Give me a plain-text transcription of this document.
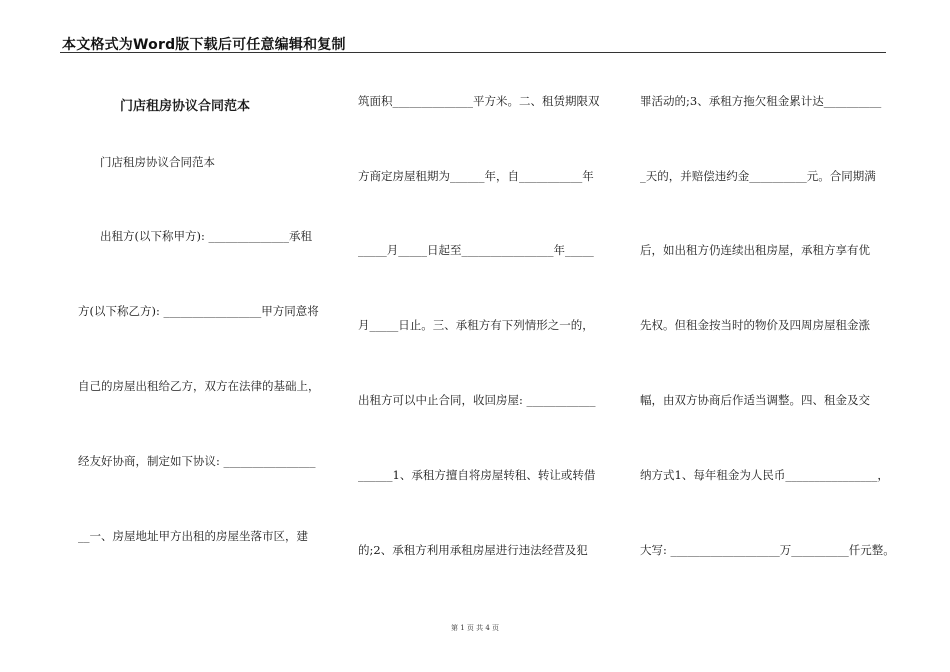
本文格式为Word版下载后可任意编辑和复制
门店租房协议合同范本
门店租房协议合同范本
出租方(以下称甲方): ______________承租
方(以下称乙方): _________________甲方同意将
自己的房屋出租给乙方，双方在法律的基础上，
经友好协商，制定如下协议: ________________
__一、房屋地址甲方出租的房屋坐落市区，建
筑面积______________平方米。二、租赁期限双
方商定房屋租期为______年，自___________年
_____月_____日起至________________年_____
月_____日止。三、承租方有下列情形之一的，
出租方可以中止合同，收回房屋: ____________
______1、承租方擅自将房屋转租、转让或转借
的;2、承租方利用承租房屋进行违法经营及犯
罪活动的;3、承租方拖欠租金累计达__________
_天的，并赔偿违约金__________元。合同期满
后，如出租方仍连续出租房屋，承租方享有优
先权。但租金按当时的物价及四周房屋租金涨
幅，由双方协商后作适当调整。四、租金及交
纳方式1、每年租金为人民币________________，
大写: ___________________万__________仟元整。
第 1 页 共 4 页
